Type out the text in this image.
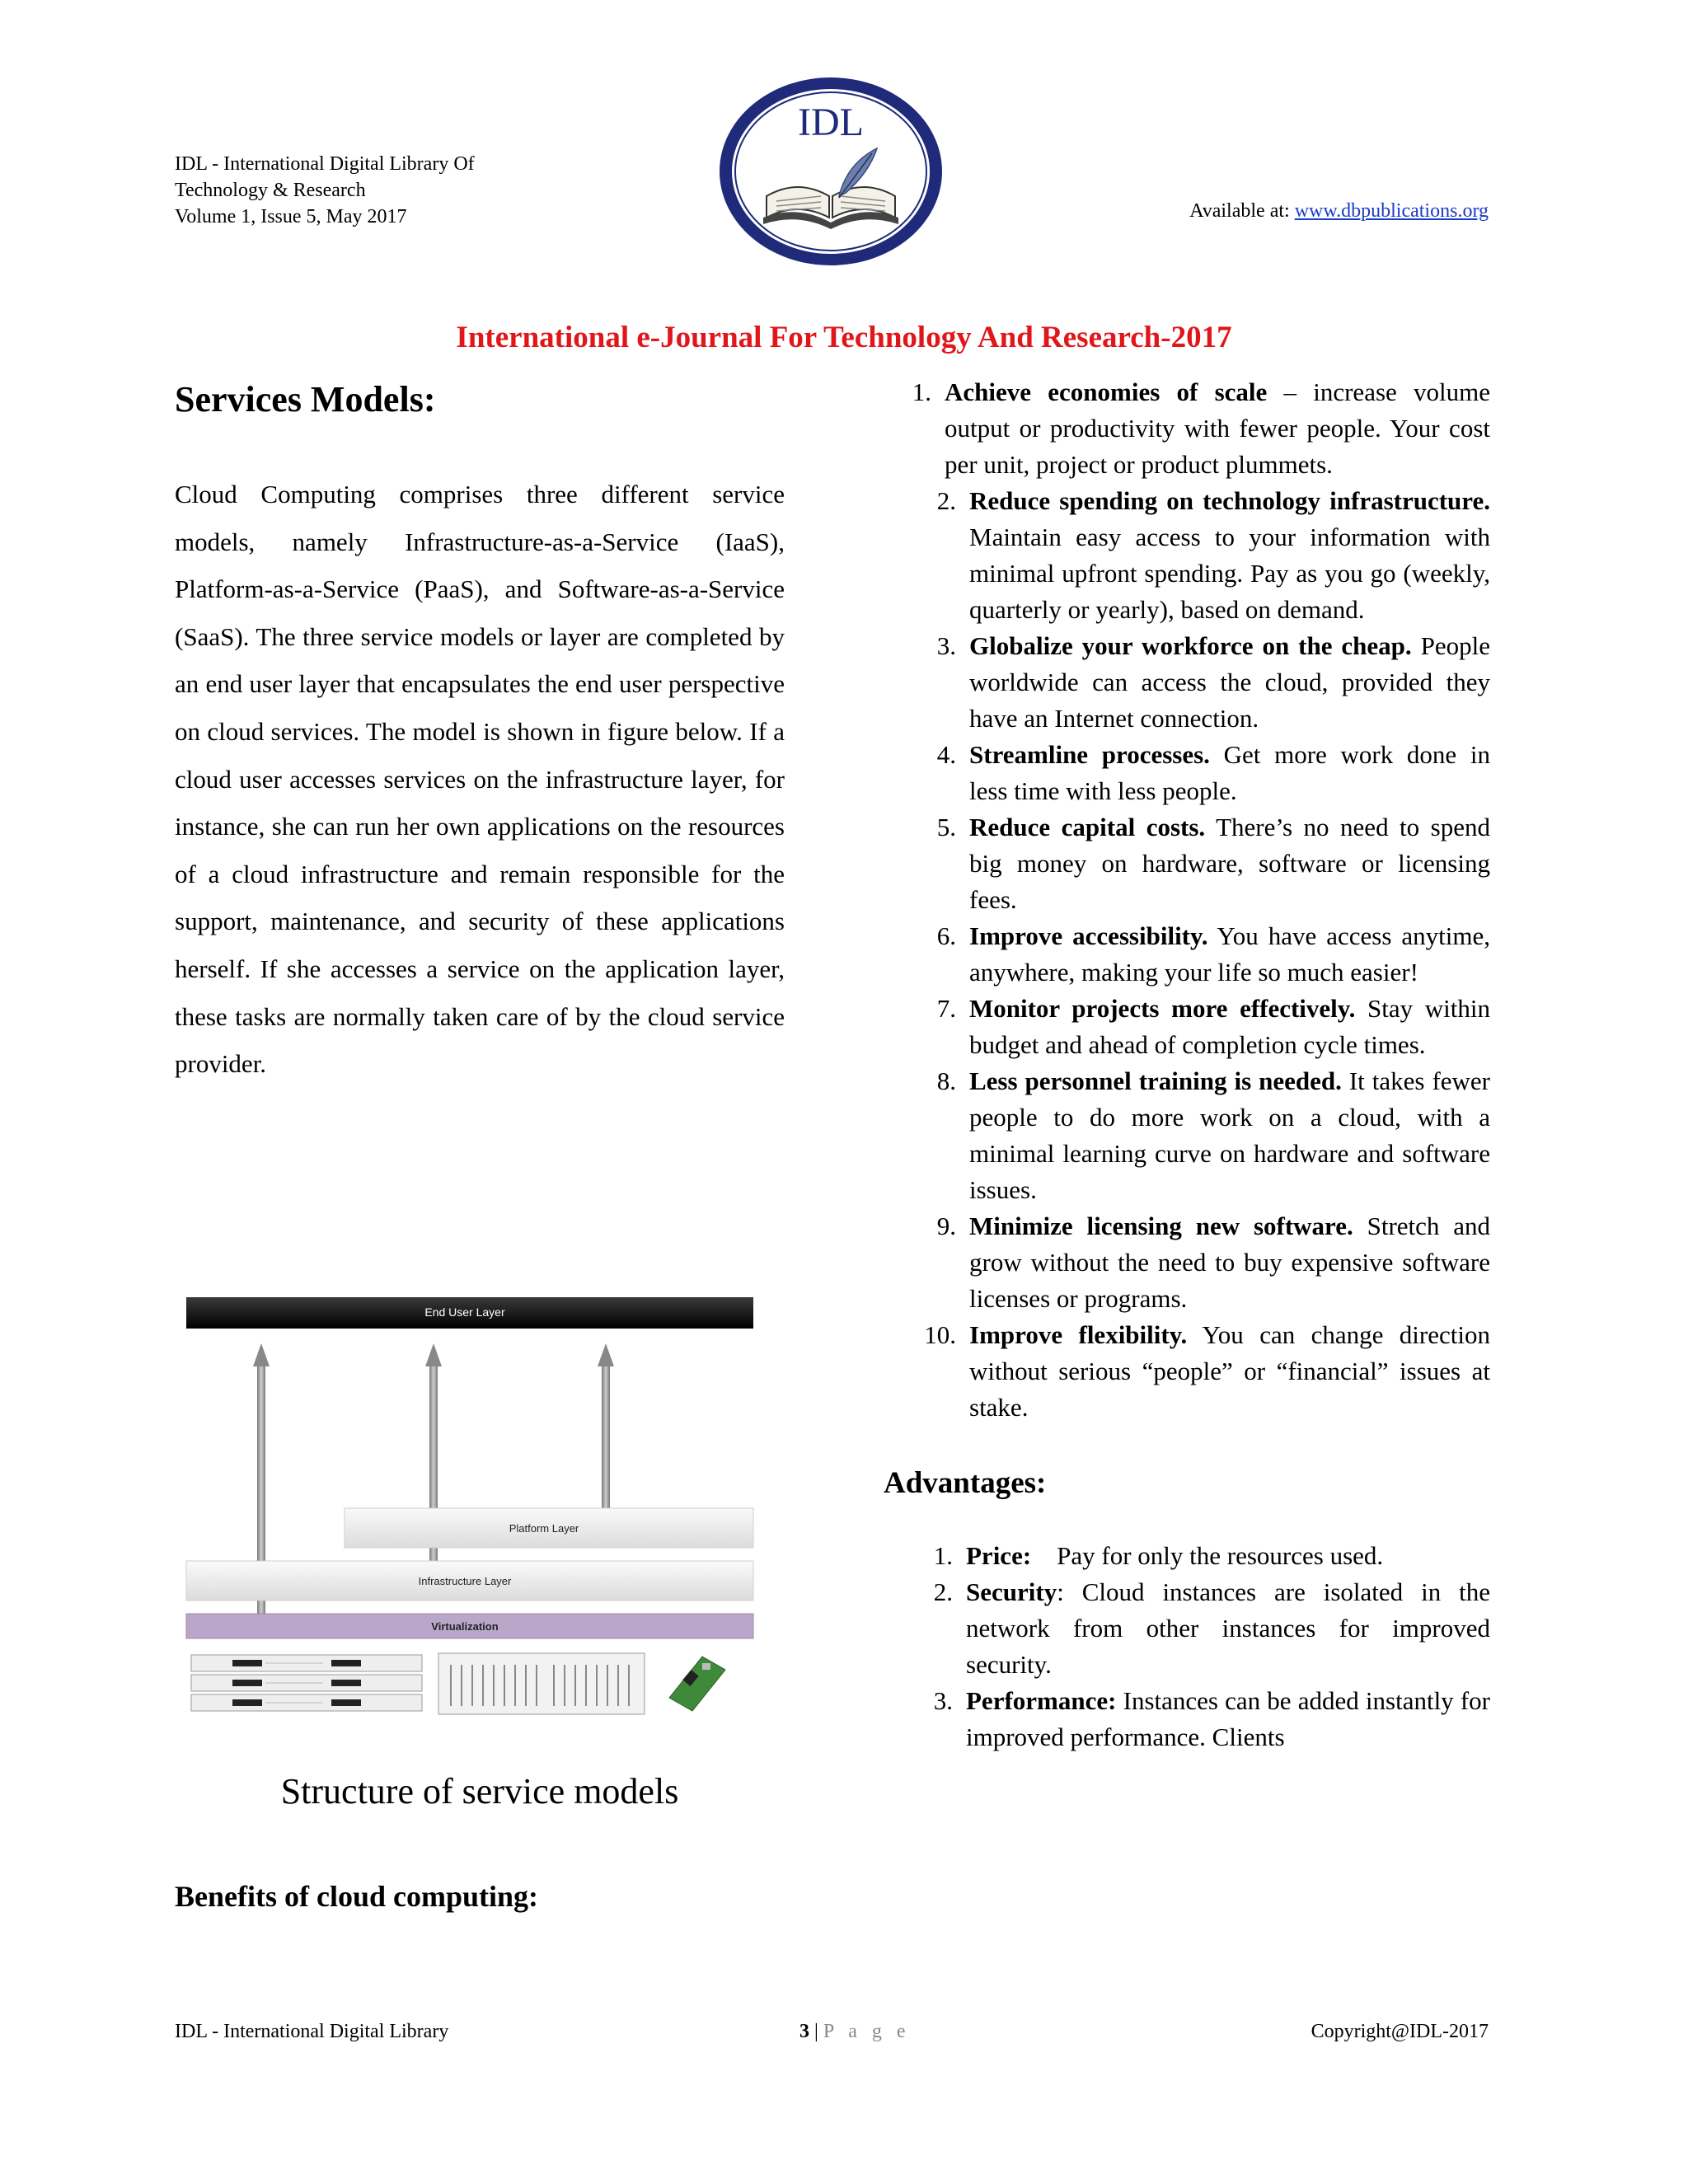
IDL - International Digital Library Of
Technology & Research
Volume 1, Issue 5, May 2017
IDL
Available at: www.dbpublications.org
International e-Journal For Technology And Research-2017
Services Models:
Cloud Computing comprises three different service models, namely Infrastructure-as-a-Service (IaaS), Platform-as-a-Service (PaaS), and Software-as-a-Service (SaaS). The three service models or layer are completed by an end user layer that encapsulates the end user perspective on cloud services. The model is shown in figure below. If a cloud user accesses services on the infrastructure layer, for instance, she can run her own applications on the resources of a cloud infrastructure and remain responsible for the support, maintenance, and security of these applications herself. If she accesses a service on the application layer, these tasks are normally taken care of by the cloud service provider.
End User Layer
Platform Layer
Infrastructure Layer
Virtualization
Structure of service models
Benefits of cloud computing:
1. Achieve economies of scale – increase volume output or productivity with fewer people. Your cost per unit, project or product plummets.
2. Reduce spending on technology infrastructure. Maintain easy access to your information with minimal upfront spending. Pay as you go (weekly, quarterly or yearly), based on demand.
3. Globalize your workforce on the cheap. People worldwide can access the cloud, provided they have an Internet connection.
4. Streamline processes. Get more work done in less time with less people.
5. Reduce capital costs. There’s no need to spend big money on hardware, software or licensing fees.
6. Improve accessibility. You have access anytime, anywhere, making your life so much easier!
7. Monitor projects more effectively. Stay within budget and ahead of completion cycle times.
8. Less personnel training is needed. It takes fewer people to do more work on a cloud, with a minimal learning curve on hardware and software issues.
9. Minimize licensing new software. Stretch and grow without the need to buy expensive software licenses or programs.
10. Improve flexibility. You can change direction without serious “people” or “financial” issues at stake.
Advantages:
1. Price:    Pay for only the resources used.
2. Security: Cloud instances are isolated in the network from other instances for improved security.
3. Performance: Instances can be added instantly for improved performance. Clients
IDL - International Digital Library	3 | P a g e	Copyright@IDL-2017
